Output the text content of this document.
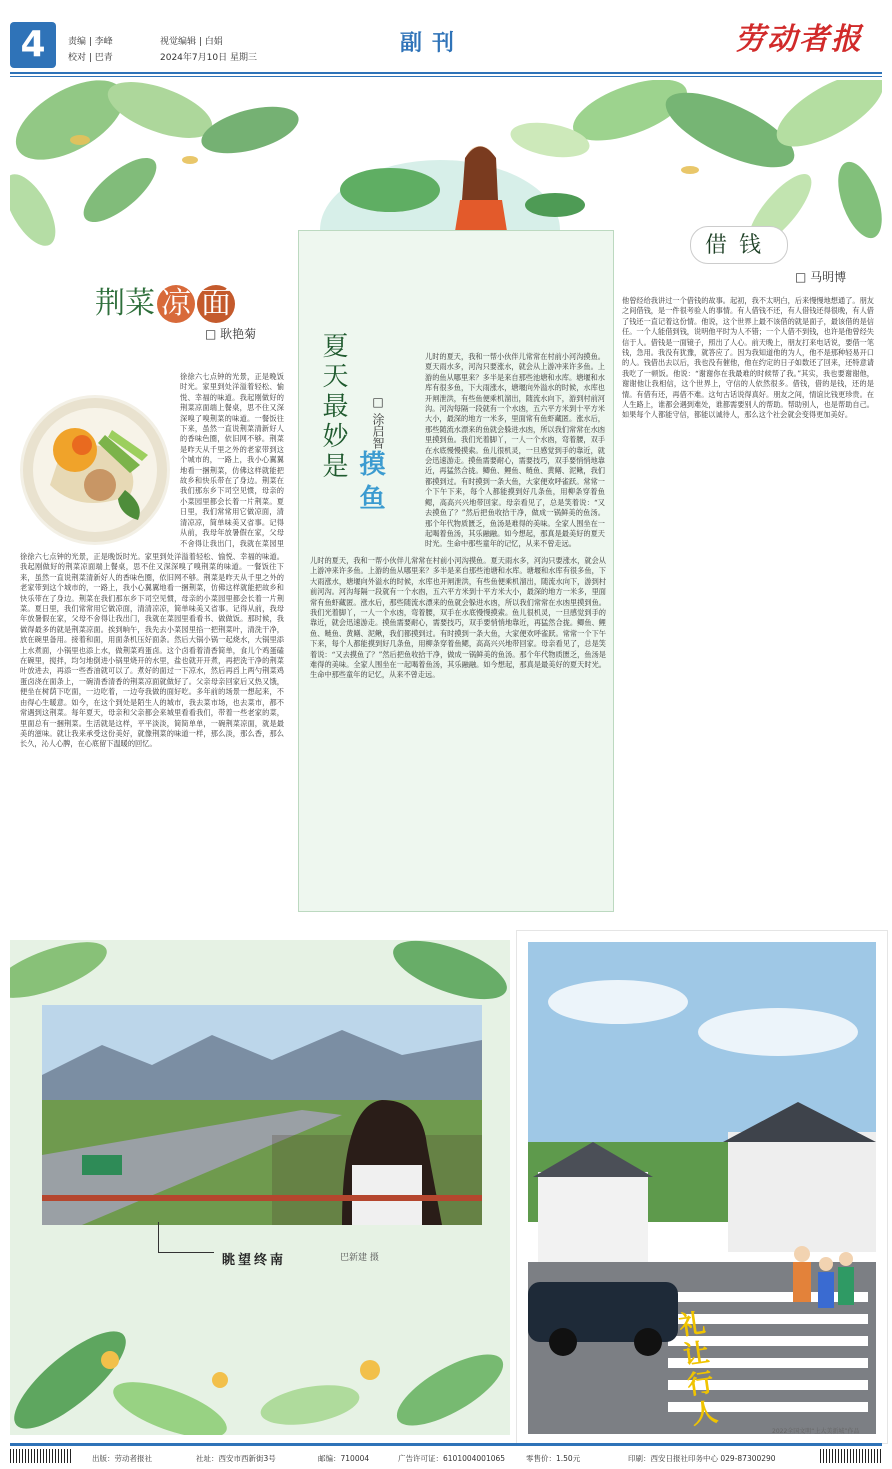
4	责编 | 李峰
校对 | 巴青
视觉编辑 | 白娟
2024年7月10日 星期三
副刊	劳动者报
荆菜 凉 面
□ 耿艳菊
徐徐六七点钟的光景，正是晚饭时光。家里到处洋溢着轻松、愉悦、幸福的味道。我起刚做好的荆菜凉面端上餐桌，思不住又深深嗅了嗅荆菜的味道。一餐饭往下来，虽然一直说荆菜清新好人的香味色圈，依旧网不够。荆菜是昨天从千里之外的老家带到这个城市的，一路上，我小心翼翼地看一捆荆菜，仿佛这样就能把故乡和快乐带在了身边。荆菜在我们那东乡下司空见惯，母亲的小菜园里都会长着一片荆菜。夏日里，我们常常用它做凉面，清清凉凉，简单味美又省事。记得从前，我母年放暑假在家，父母不舍得让我出门，我就在菜园里
徐徐六七点钟的光景，正是晚饭时光。家里到处洋溢着轻松、愉悦、幸福的味道。我起刚做好的荆菜凉面端上餐桌，思不住又深深嗅了嗅荆菜的味道。一餐饭往下来，虽然一直说荆菜清新好人的香味色圈，依旧网不够。荆菜是昨天从千里之外的老家带到这个城市的，一路上，我小心翼翼地看一捆荆菜，仿佛这样就能把故乡和快乐带在了身边。荆菜在我们那东乡下司空见惯，母亲的小菜园里都会长着一片荆菜。夏日里，我们常常用它做凉面，清清凉凉，简单味美又省事。记得从前，我母年放暑假在家，父母不舍得让我出门，我就在菜园里看看书、做做饭。那时候，我做得最多的就是荆菜凉面。挨到晌午，我先去小菜园里掐一把荆菜叶，清洗干净，放在碗里备用。接着和面，用面条机压好面条。然后大锅小锅一起烧水，大锅里添上水煮面，小锅里也添上水，做荆菜鸡蛋卤。这个卤看着清香简单，食儿个鸡蛋磕在碗里，搅拌，均匀地倒进小锅里烧开的水里，盐也就开开煮，再把洗干净的荆菜叶放进去，再添一些香油就可以了。煮好的面过一下凉水，然后再舀上两勺荆菜鸡蛋卤浇在面条上，一碗清香清香的荆菜凉面就做好了。父亲母亲回家后又热又饿，便坐在树荫下吃面，一边吃着，一边夸我做的面好吃。多年前的场景一想起来，不由得心生暖意。如今，在这个到处是陌生人的城市，我去菜市场，也去菜市，都不常遇到这荆菜。每年夏天，母亲和父亲都会来城里看看我们，带着一些老家的菜，里面总有一捆荆菜。生活就是这样，平平淡淡，简简单单，一碗荆菜凉面，就是最美的滋味。就让我来承受这份美好，就像荆菜的味道一样，那么淡，那么香，那么长久，沁人心脾，在心底留下温暖的回忆。
夏天最妙是	□ 涂启智
摸鱼
儿时的夏天，我和一帮小伙伴儿常常在村前小河沟摸鱼。夏天雨水多，河沟只要涨水，就会从上游冲来许多鱼。上游的鱼从哪里来？多半是来自那些池塘和水库。塘堰和水库有很多鱼，下大雨涨水，塘堰向外溢水的时候，水库也开闸泄洪，有些鱼便乘机溜出，随流水向下，游到村前河沟。河沟每隔一段就有一个水凼，五六平方米到十平方米大小，最深的地方一米多，里面常有鱼虾藏匿。涨水后，那些随流水漂来的鱼就会躲进水凼，所以我们常常在水凼里摸到鱼。我们光着脚丫，一人一个水凼，弯着腰，双手在水底慢慢摸索。鱼儿很机灵，一旦感觉到手的靠近，就会迅速游走。摸鱼需要耐心，需要技巧，双手要悄悄地靠近，再猛然合拢。鲫鱼、鲤鱼、鲢鱼、黄鳝、泥鳅，我们都摸到过。有时摸到一条大鱼，大家便欢呼雀跃。常常一个下午下来，每个人都能摸到好几条鱼，用柳条穿着鱼鳃，高高兴兴地带回家。母亲看见了，总是笑着说：“又去摸鱼了？”然后把鱼收拾干净，做成一锅鲜美的鱼汤。那个年代物质匮乏，鱼汤是难得的美味。全家人围坐在一起喝着鱼汤，其乐融融。如今想起，那真是最美好的夏天时光。生命中那些童年的记忆，从来不曾走远。
儿时的夏天，我和一帮小伙伴儿常常在村前小河沟摸鱼。夏天雨水多，河沟只要涨水，就会从上游冲来许多鱼。上游的鱼从哪里来？多半是来自那些池塘和水库。塘堰和水库有很多鱼，下大雨涨水，塘堰向外溢水的时候，水库也开闸泄洪，有些鱼便乘机溜出，随流水向下，游到村前河沟。河沟每隔一段就有一个水凼，五六平方米到十平方米大小，最深的地方一米多，里面常有鱼虾藏匿。涨水后，那些随流水漂来的鱼就会躲进水凼，所以我们常常在水凼里摸到鱼。我们光着脚丫，一人一个水凼，弯着腰，双手在水底慢慢摸索。鱼儿很机灵，一旦感觉到手的靠近，就会迅速游走。摸鱼需要耐心，需要技巧，双手要悄悄地靠近，再猛然合拢。鲫鱼、鲤鱼、鲢鱼、黄鳝、泥鳅，我们都摸到过。有时摸到一条大鱼，大家便欢呼雀跃。常常一个下午下来，每个人都能摸到好几条鱼，用柳条穿着鱼鳃，高高兴兴地带回家。母亲看见了，总是笑着说：“又去摸鱼了？”然后把鱼收拾干净，做成一锅鲜美的鱼汤。那个年代物质匮乏，鱼汤是难得的美味。全家人围坐在一起喝着鱼汤，其乐融融。如今想起，那真是最美好的夏天时光。生命中那些童年的记忆，从来不曾走远。
借钱
□ 马明博
他曾经给我讲过一个借钱的故事。起初，我不太明白，后来慢慢地想通了。朋友之间借钱，是一件很考验人的事情。有人借钱不还，有人借钱还得很晚，有人借了钱还一直记着这份情。他说，这个世界上最不该借的就是面子，最该借的是信任。一个人能借到钱，说明他平时为人不错；一个人借不到钱，也许是他曾经失信于人。借钱是一面镜子，照出了人心。前天晚上，朋友打来电话说，要借一笔钱，急用。我没有犹豫，就答应了。因为我知道他的为人，他不是那种轻易开口的人。钱借出去以后，我也没有催他，他在约定的日子如数还了回来，还特意请我吃了一顿饭。他说：“谢谢你在我最难的时候帮了我。”其实，我也要谢谢他，谢谢他让我相信，这个世界上，守信的人依然很多。借钱，借的是钱，还的是情。有借有还，再借不难。这句古话说得真好。朋友之间，情谊比钱更珍贵。在人生路上，谁都会遇到难处，谁都需要别人的帮助。帮助别人，也是帮助自己。如果每个人都能守信，都能以诚待人，那么这个社会就会变得更加美好。
眺望终南	巴新建 摄
礼让行人	2022全国文明“上大美新城”作品
出版：劳动者报社	社址：西安市西新街3号	邮编：710004	广告许可证：6101004001065	零售价：1.50元	印刷：西安日报社印务中心 029-87300290
